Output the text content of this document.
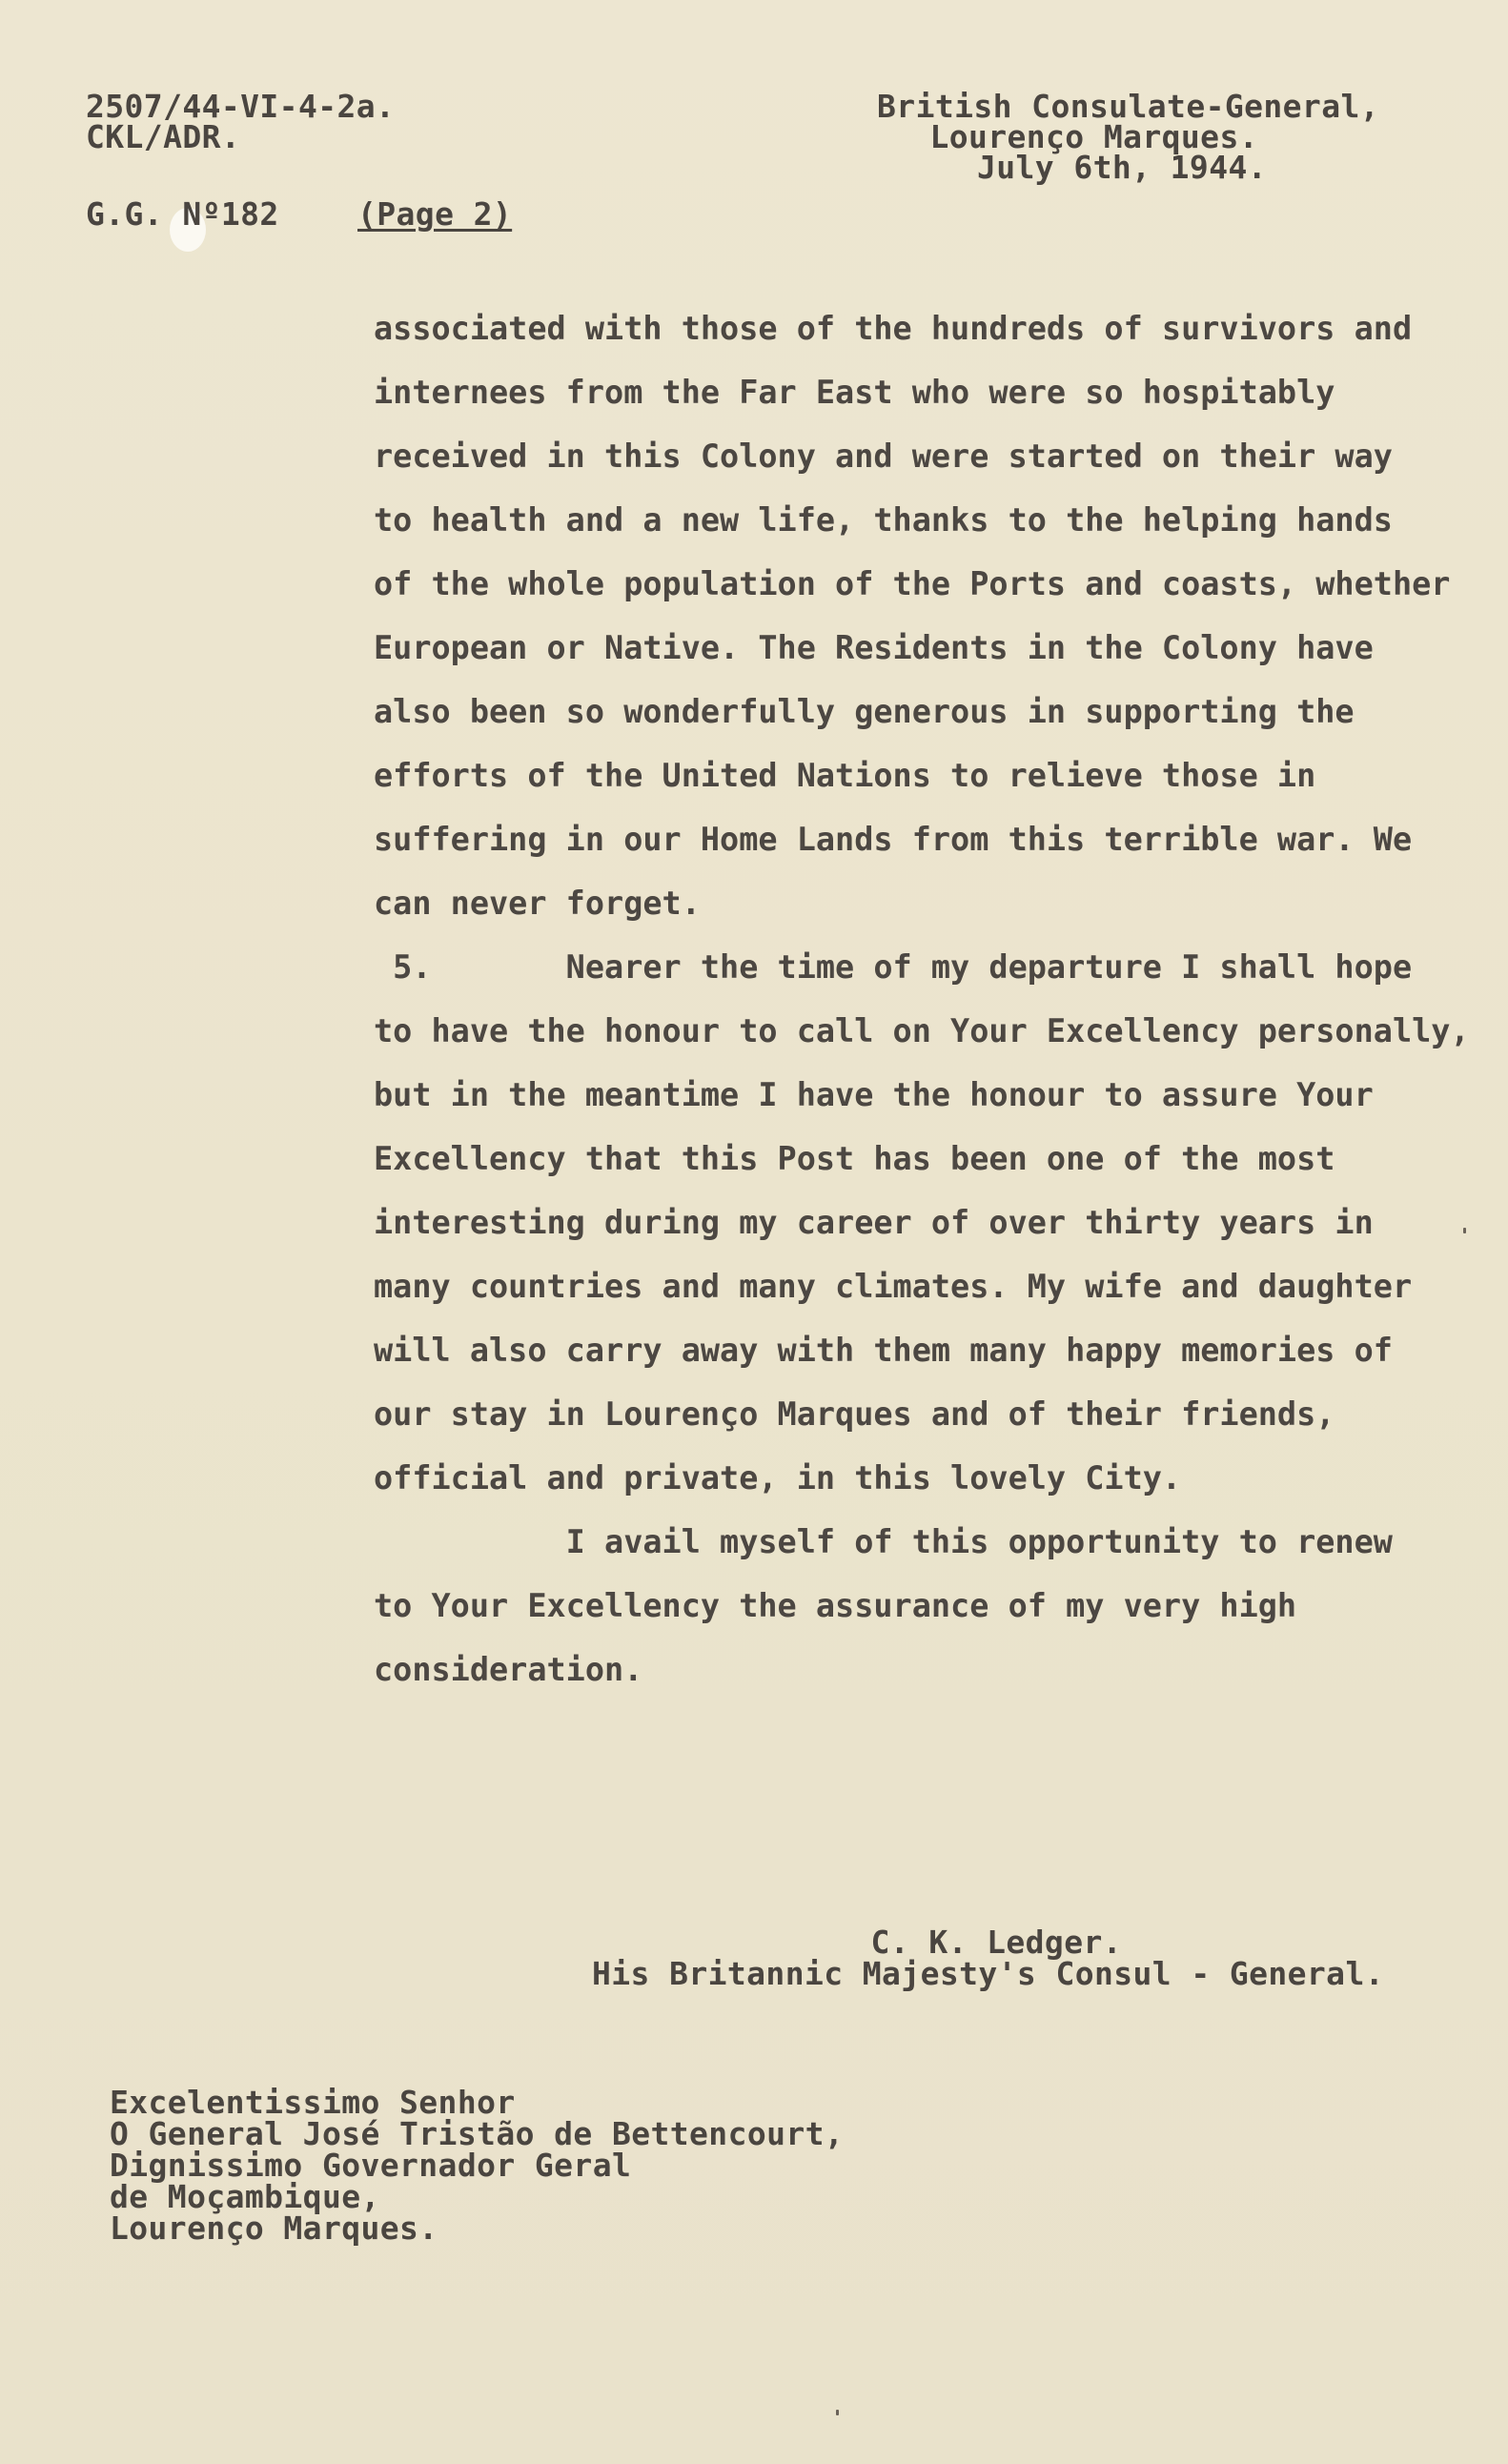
2507/44-VI-4-2a.
CKL/ADR.
G.G. Nº182 (Page 2)
British Consulate-General,
Lourenço Marques.
July 6th, 1944.
associated with those of the hundreds of survivors and
internees from the Far East who were so hospitably
received in this Colony and were started on their way
to health and a new life, thanks to the helping hands
of the whole population of the Ports and coasts, whether
European or Native. The Residents in the Colony have
also been so wonderfully generous in supporting the
efforts of the United Nations to relieve those in
suffering in our Home Lands from this terrible war. We
can never forget.
5.       Nearer the time of my departure I shall hope
to have the honour to call on Your Excellency personally,
but in the meantime I have the honour to assure Your
Excellency that this Post has been one of the most
interesting during my career of over thirty years in
many countries and many climates. My wife and daughter
will also carry away with them many happy memories of
our stay in Lourenço Marques and of their friends,
official and private, in this lovely City.
I avail myself of this opportunity to renew
to Your Excellency the assurance of my very high
consideration.
C. K. Ledger.
His Britannic Majesty's Consul - General.
Excelentissimo Senhor
O General José Tristão de Bettencourt,
Dignissimo Governador Geral
de Moçambique,
Lourenço Marques.
